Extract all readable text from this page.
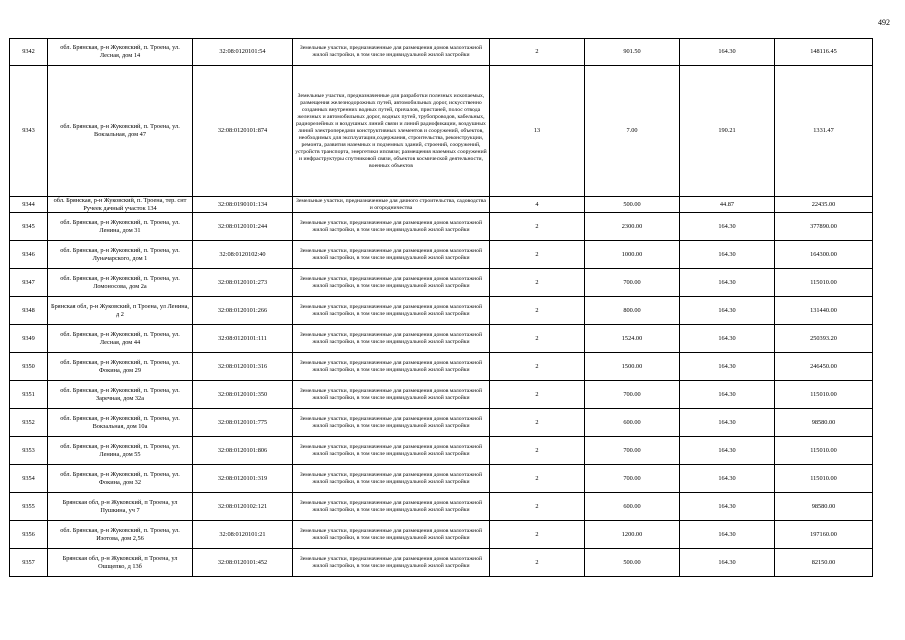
492
9342	обл. Брянская, р-н Жуковский, п. Троена, ул. Лесная, дом 14	32:08:0120101:54	Земельные участки, предназначенные для размещения домов малоэтажной жилой застройки, в том числе индивидуальной жилой застройки	2	901.50	164.30	148116.45
9343	обл. Брянская, р-н Жуковский, п. Троена, ул. Вокзальная, дом 47	32:08:0120101:874	Земельные участки, предназначенные для разработки полезных ископаемых, размещения железнодорожных путей, автомобильных дорог, искусственно созданных внутренних водных путей, причалов, пристаней, полос отвода железных и автомобильных дорог, водных путей, трубопроводов, кабельных, радиорелейных и воздушных линий связи и линий радиофикации, воздушных линий электропередачи конструктивных элементов и сооружений, объектов, необходимых для эксплуатации,содержания, строительства, реконструкции, ремонта, развития наземных и подземных зданий, строений, сооружений, устройств транспорта, энергетики ипсвязи; размещения наземных сооружений и инфраструктуры спутниковой связи, объектов космической деятельности, военных объектов	13	7.00	190.21	1331.47
9344	обл. Брянская, р-н Жуковский, п. Троена, тер. снт Ручеек дачный участок 134	32:08:0190101:134	Земельные участки, предназначенные для дачного строительства, садоводства и огородничества	4	500.00	44.87	22435.00
9345	обл. Брянская, р-н Жуковский, п. Троена, ул. Ленина, дом 31	32:08:0120101:244	Земельные участки, предназначенные для размещения домов малоэтажной жилой застройки, в том числе индивидуальной жилой застройки	2	2300.00	164.30	377890.00
9346	обл. Брянская, р-н Жуковский, п. Троена, ул. Луначарского, дом 1	32:08:0120102:40	Земельные участки, предназначенные для размещения домов малоэтажной жилой застройки, в том числе индивидуальной жилой застройки	2	1000.00	164.30	164300.00
9347	обл. Брянская, р-н Жуковский, п. Троена, ул. Ломоносова, дом 2а	32:08:0120101:273	Земельные участки, предназначенные для размещения домов малоэтажной жилой застройки, в том числе индивидуальной жилой застройки	2	700.00	164.30	115010.00
9348	Брянская обл, р-н Жуковский, п Троена, ул Ленина, д 2	32:08:0120101:266	Земельные участки, предназначенные для размещения домов малоэтажной жилой застройки, в том числе индивидуальной жилой застройки	2	800.00	164.30	131440.00
9349	обл. Брянская, р-н Жуковский, п. Троена, ул. Лесная, дом 44	32:08:0120101:111	Земельные участки, предназначенные для размещения домов малоэтажной жилой застройки, в том числе индивидуальной жилой застройки	2	1524.00	164.30	250393.20
9350	обл. Брянская, р-н Жуковский, п. Троена, ул. Фокина, дом 29	32:08:0120101:316	Земельные участки, предназначенные для размещения домов малоэтажной жилой застройки, в том числе индивидуальной жилой застройки	2	1500.00	164.30	246450.00
9351	обл. Брянская, р-н Жуковский, п. Троена, ул. Заречная, дом 32а	32:08:0120101:350	Земельные участки, предназначенные для размещения домов малоэтажной жилой застройки, в том числе индивидуальной жилой застройки	2	700.00	164.30	115010.00
9352	обл. Брянская, р-н Жуковский, п. Троена, ул. Вокзальная, дом 10а	32:08:0120101:775	Земельные участки, предназначенные для размещения домов малоэтажной жилой застройки, в том числе индивидуальной жилой застройки	2	600.00	164.30	98580.00
9353	обл. Брянская, р-н Жуковский, п. Троена, ул. Ленина, дом 55	32:08:0120101:806	Земельные участки, предназначенные для размещения домов малоэтажной жилой застройки, в том числе индивидуальной жилой застройки	2	700.00	164.30	115010.00
9354	обл. Брянская, р-н Жуковский, п. Троена, ул. Фокина, дом 32	32:08:0120101:319	Земельные участки, предназначенные для размещения домов малоэтажной жилой застройки, в том числе индивидуальной жилой застройки	2	700.00	164.30	115010.00
9355	Брянская обл, р-н Жуковский, п Троена, ул Пушкина, уч 7	32:08:0120102:121	Земельные участки, предназначенные для размещения домов малоэтажной жилой застройки, в том числе индивидуальной жилой застройки	2	600.00	164.30	98580.00
9356	обл. Брянская, р-н Жуковский, п. Троена, ул. Изотова, дом 2,56	32:08:0120101:21	Земельные участки, предназначенные для размещения домов малоэтажной жилой застройки, в том числе индивидуальной жилой застройки	2	1200.00	164.30	197160.00
9357	Брянская обл, р-н Жуковский, п Троена, ул Ошщепко, д 13б	32:08:0120101:452	Земельные участки, предназначенные для размещения домов малоэтажной жилой застройки, в том числе индивидуальной жилой застройки	2	500.00	164.30	82150.00
